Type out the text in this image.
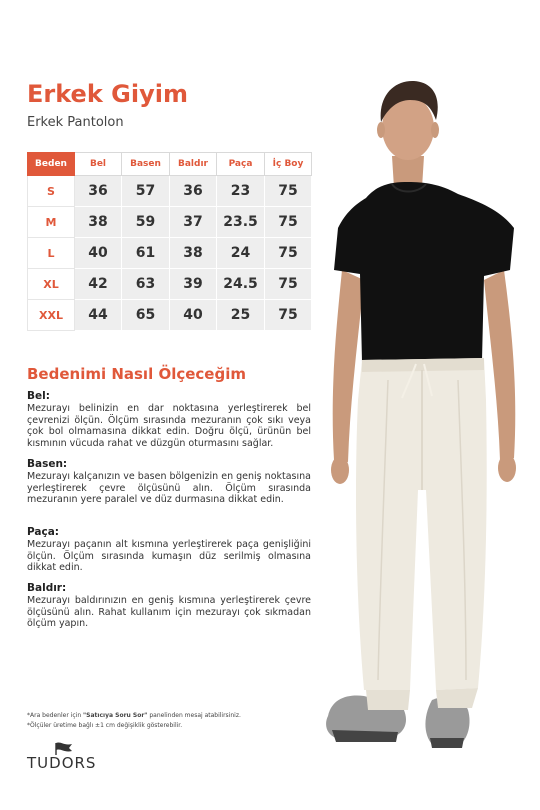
Erkek Giyim
Erkek Pantolon
Beden	Bel	Basen	Baldır	Paça	İç Boy
S	36	57	36	23	75
M	38	59	37	23.5	75
L	40	61	38	24	75
XL	42	63	39	24.5	75
XXL	44	65	40	25	75
Bedenimi Nasıl Ölçeceğim
Bel:

Mezurayı belinizin en dar noktasına yerleştirerek bel çevrenizi ölçün. Ölçüm sırasında mezuranın çok sıkı veya çok bol olmamasına dikkat edin. Doğru ölçü, ürünün bel kısmının vücuda rahat ve düzgün oturmasını sağlar.

Basen:

Mezurayı kalçanızın ve basen bölgenizin en geniş noktasına yerleştirerek çevre ölçüsünü alın. Ölçüm sırasında mezuranın yere paralel ve düz durmasına dikkat edin.

Paça:

Mezurayı paçanın alt kısmına yerleştirerek paça genişliğini ölçün. Ölçüm sırasında kumaşın düz serilmiş olmasına dikkat edin.

Baldır:

Mezurayı baldırınızın en geniş kısmına yerleştirerek çevre ölçüsünü alın. Rahat kullanım için mezurayı çok sıkmadan ölçüm yapın.

*Ara bedenler için "Satıcıya Soru Sor" panelinden mesaj atabilirsiniz.
*Ölçüler üretime bağlı ±1 cm değişiklik gösterebilir.
TUDORS
